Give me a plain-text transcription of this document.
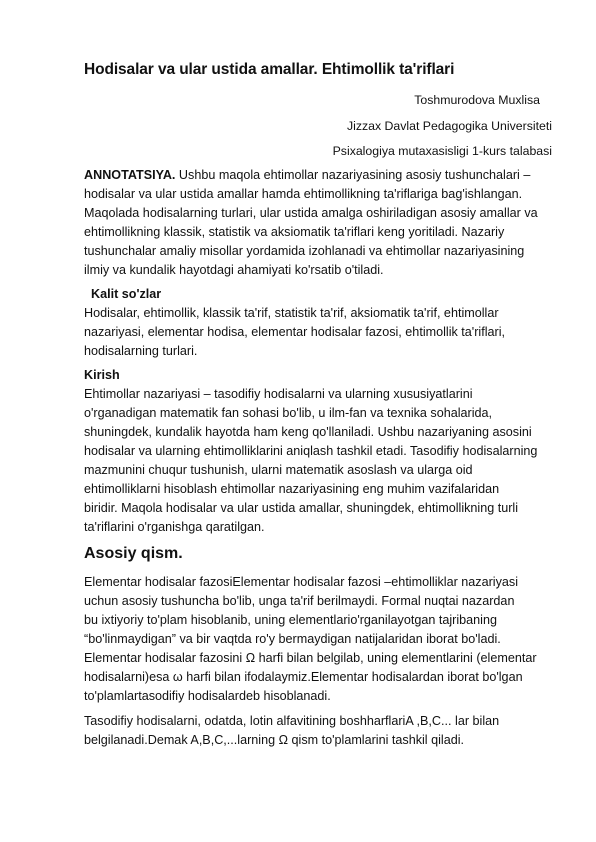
Hodisalar va ular ustida amallar. Ehtimollik ta'riflari
Toshmurodova Muxlisa
Jizzax Davlat Pedagogika Universiteti
Psixalogiya mutaxasisligi 1-kurs talabasi
ANNOTATSIYA. Ushbu maqola ehtimollar nazariyasining asosiy tushunchalari –
hodisalar va ular ustida amallar hamda ehtimollikning ta'riflariga bag'ishlangan.
Maqolada hodisalarning turlari, ular ustida amalga oshiriladigan asosiy amallar va
ehtimollikning klassik, statistik va aksiomatik ta'riflari keng yoritiladi. Nazariy
tushunchalar amaliy misollar yordamida izohlanadi va ehtimollar nazariyasining
ilmiy va kundalik hayotdagi ahamiyati ko'rsatib o'tiladi.
Kalit so'zlar
Hodisalar, ehtimollik, klassik ta'rif, statistik ta'rif, aksiomatik ta'rif, ehtimollar
nazariyasi, elementar hodisa, elementar hodisalar fazosi, ehtimollik ta'riflari,
hodisalarning turlari.
Kirish
Ehtimollar nazariyasi – tasodifiy hodisalarni va ularning xususiyatlarini
o'rganadigan matematik fan sohasi bo'lib, u ilm-fan va texnika sohalarida,
shuningdek, kundalik hayotda ham keng qo'llaniladi. Ushbu nazariyaning asosini
hodisalar va ularning ehtimolliklarini aniqlash tashkil etadi. Tasodifiy hodisalarning
mazmunini chuqur tushunish, ularni matematik asoslash va ularga oid
ehtimolliklarni hisoblash ehtimollar nazariyasining eng muhim vazifalaridan
biridir. Maqola hodisalar va ular ustida amallar, shuningdek, ehtimollikning turli
ta'riflarini o'rganishga qaratilgan.
Asosiy qism.
Elementar hodisalar fazosiElementar hodisalar fazosi –ehtimolliklar nazariyasi
uchun asosiy tushuncha bo'lib, unga ta'rif berilmaydi. Formal nuqtai nazardan
bu ixtiyoriy to'plam hisoblanib, uning elementlario'rganilayotgan tajribaning
“bo'linmaydigan” va bir vaqtda ro'y bermaydigan natijalaridan iborat bo'ladi.
Elementar hodisalar fazosini Ω harfi bilan belgilab, uning elementlarini (elementar
hodisalarni)esa ω harfi bilan ifodalaymiz.Elementar hodisalardan iborat bo'lgan
to'plamlartasodifiy hodisalardeb hisoblanadi.
Tasodifiy hodisalarni, odatda, lotin alfavitining boshharflariA ,B,C... lar bilan
belgilanadi.Demak A,B,C,...larning Ω qism to'plamlarini tashkil qiladi.
